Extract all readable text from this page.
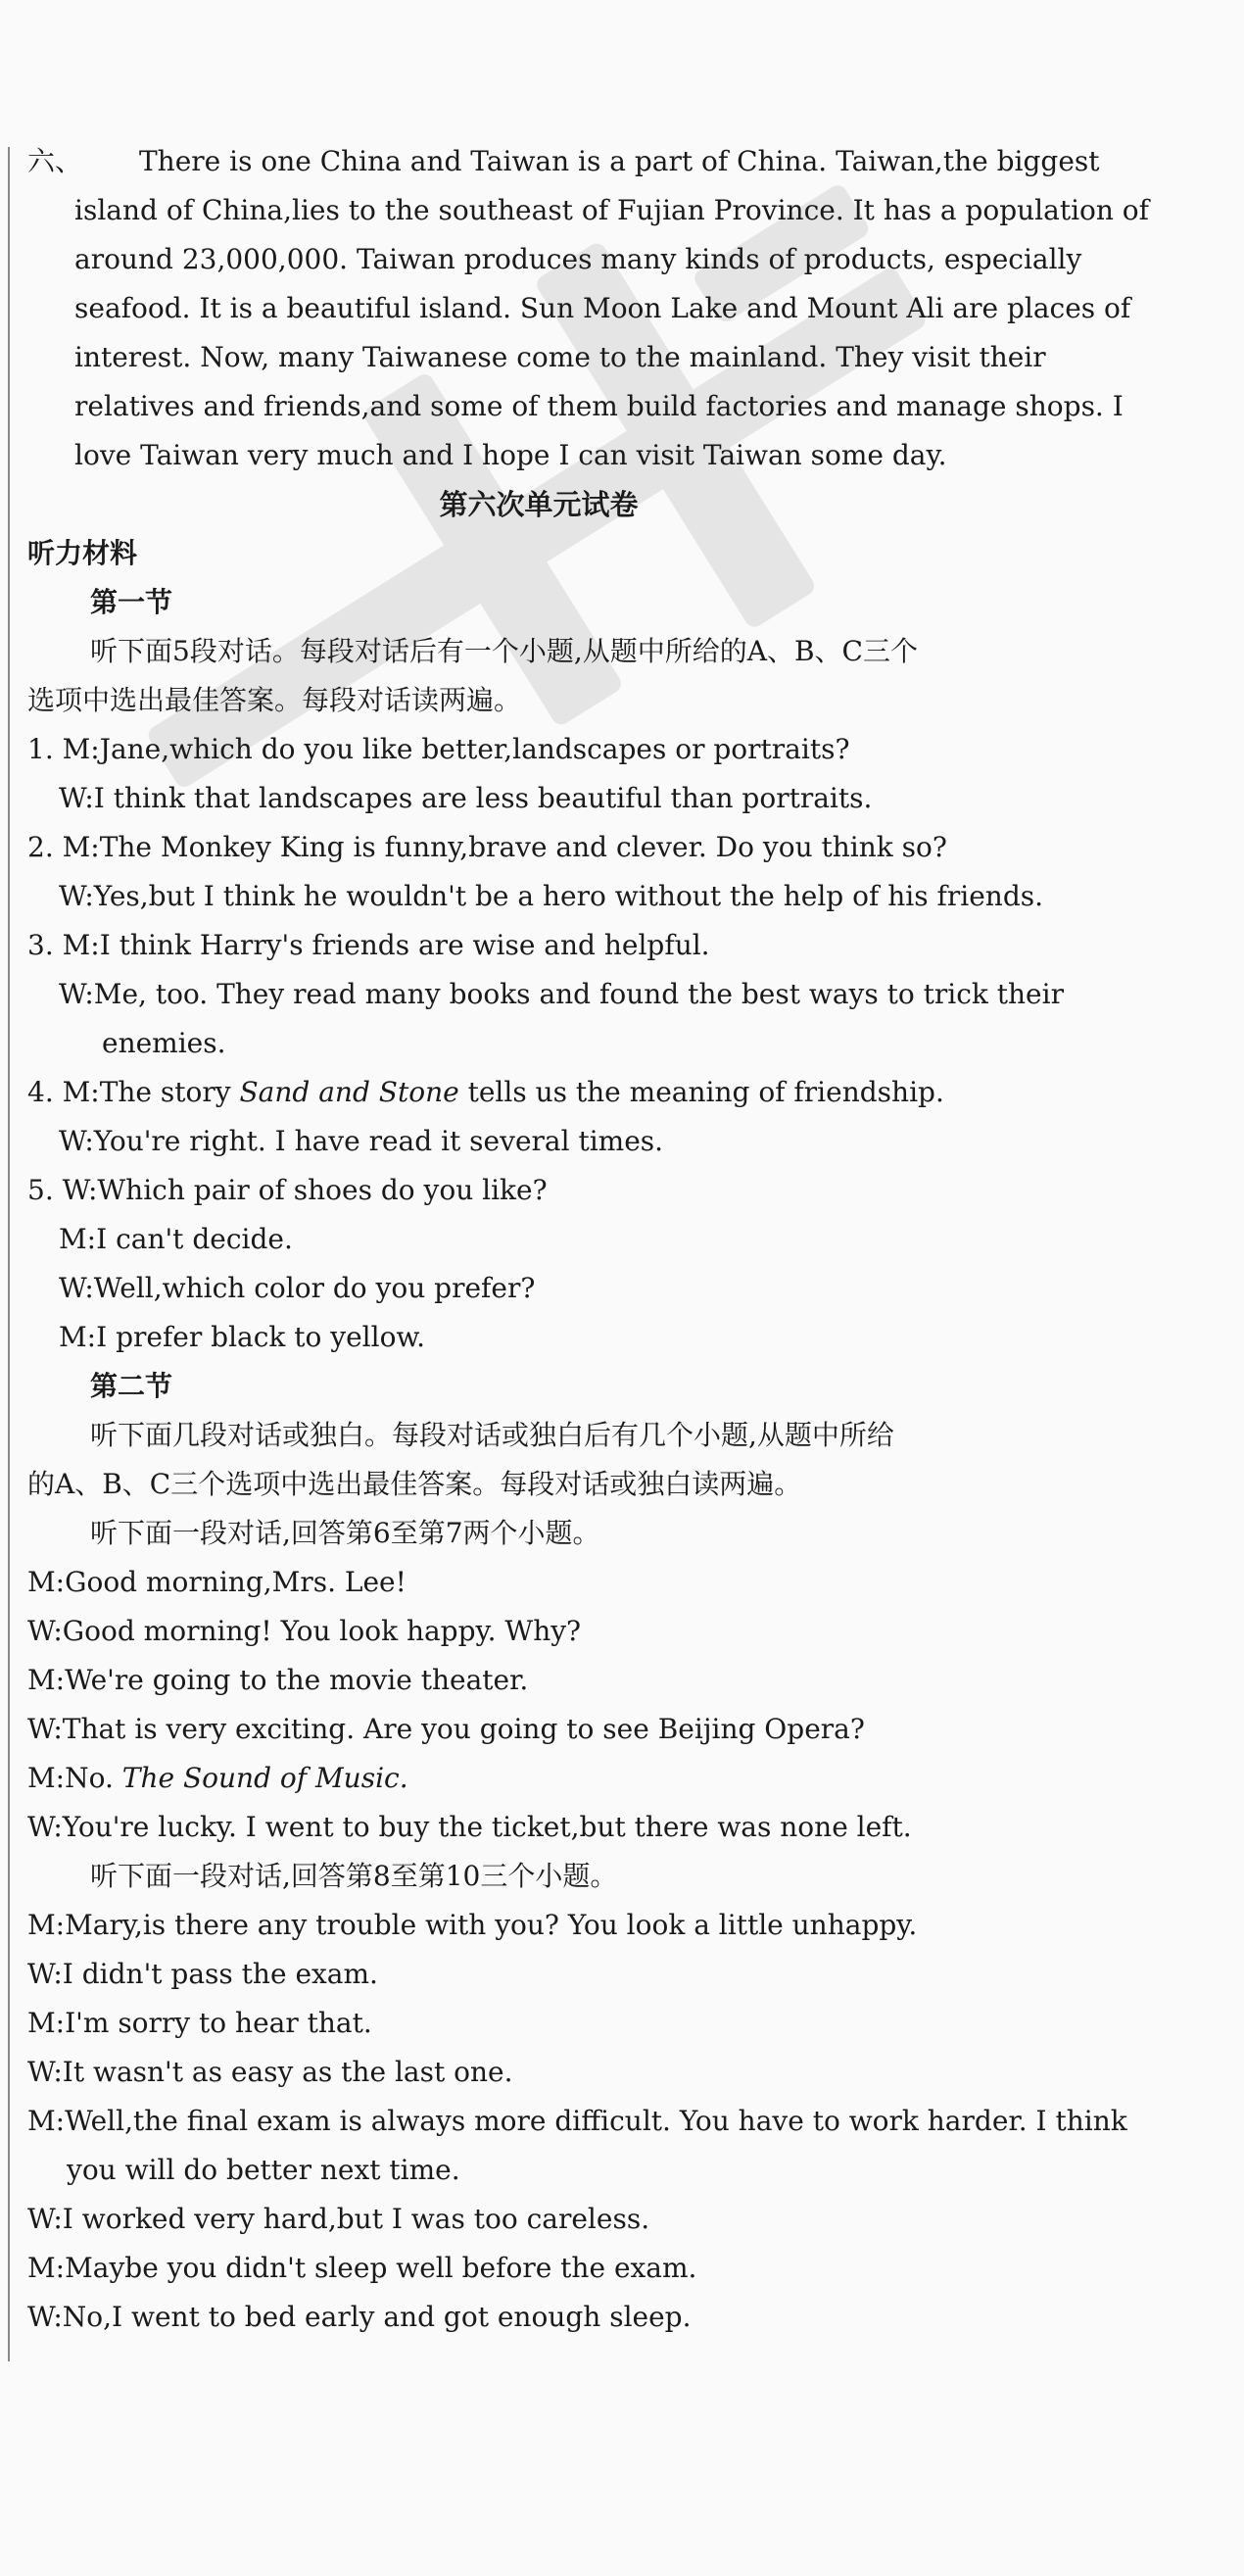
六、 There is one China and Taiwan is a part of China. Taiwan,the biggest
island of China,lies to the southeast of Fujian Province. It has a population of
around 23,000,000. Taiwan produces many kinds of products, especially
seafood. It is a beautiful island. Sun Moon Lake and Mount Ali are places of
interest. Now, many Taiwanese come to the mainland. They visit their
relatives and friends,and some of them build factories and manage shops. I
love Taiwan very much and I hope I can visit Taiwan some day.
第六次单元试卷
听力材料
第一节
听下面5段对话。每段对话后有一个小题,从题中所给的A、B、C三个
选项中选出最佳答案。每段对话读两遍。
1. M:Jane,which do you like better,landscapes or portraits?
W:I think that landscapes are less beautiful than portraits.
2. M:The Monkey King is funny,brave and clever. Do you think so?
W:Yes,but I think he wouldn't be a hero without the help of his friends.
3. M:I think Harry's friends are wise and helpful.
W:Me, too. They read many books and found the best ways to trick their
enemies.
4. M:The story Sand and Stone tells us the meaning of friendship.
W:You're right. I have read it several times.
5. W:Which pair of shoes do you like?
M:I can't decide.
W:Well,which color do you prefer?
M:I prefer black to yellow.
第二节
听下面几段对话或独白。每段对话或独白后有几个小题,从题中所给
的A、B、C三个选项中选出最佳答案。每段对话或独白读两遍。
听下面一段对话,回答第6至第7两个小题。
M:Good morning,Mrs. Lee!
W:Good morning! You look happy. Why?
M:We're going to the movie theater.
W:That is very exciting. Are you going to see Beijing Opera?
M:No. The Sound of Music.
W:You're lucky. I went to buy the ticket,but there was none left.
听下面一段对话,回答第8至第10三个小题。
M:Mary,is there any trouble with you? You look a little unhappy.
W:I didn't pass the exam.
M:I'm sorry to hear that.
W:It wasn't as easy as the last one.
M:Well,the final exam is always more difficult. You have to work harder. I think
you will do better next time.
W:I worked very hard,but I was too careless.
M:Maybe you didn't sleep well before the exam.
W:No,I went to bed early and got enough sleep.
